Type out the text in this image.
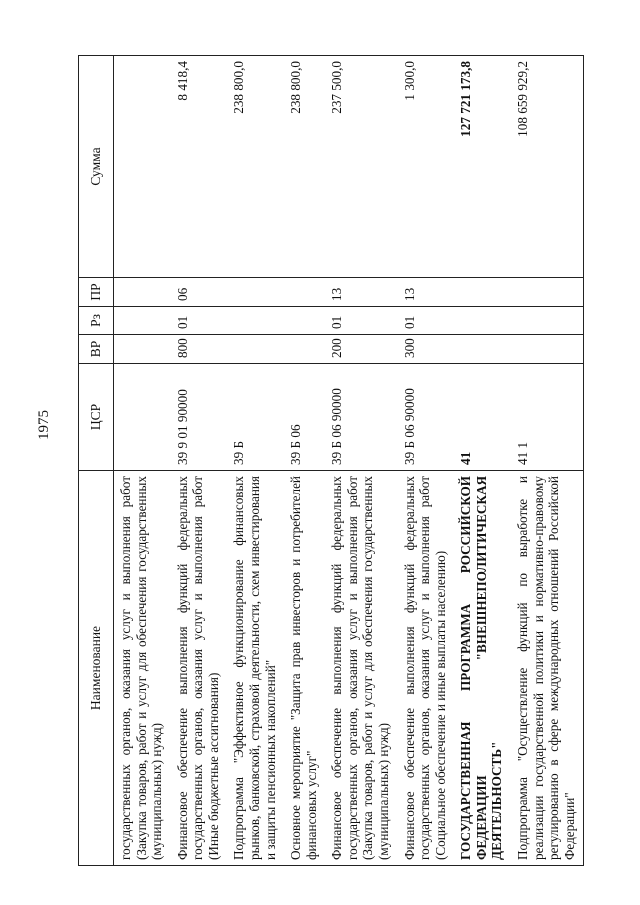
1975
Наименование	ЦСР	ВР	Рз	ПР	Сумма
государственных органов, оказания услуг и выполнения работ (Закупка товаров, работ и услуг для обеспечения государственных (муниципальных) нужд)					
Финансовое обеспечение выполнения функций федеральных государственных органов, оказания услуг и выполнения работ (Иные бюджетные ассигнования)	39 9 01 90000	800	01	06	8 418,4
Подпрограмма "Эффективное функционирование финансовых рынков, банковской, страховой деятельности, схем инвестирования и защиты пенсионных накоплений"	39 Б				238 800,0
Основное мероприятие "Защита прав инвесторов и потребителей финансовых услуг"	39 Б 06				238 800,0
Финансовое обеспечение выполнения функций федеральных государственных органов, оказания услуг и выполнения работ (Закупка товаров, работ и услуг для обеспечения государственных (муниципальных) нужд)	39 Б 06 90000	200	01	13	237 500,0
Финансовое обеспечение выполнения функций федеральных государственных органов, оказания услуг и выполнения работ (Социальное обеспечение и иные выплаты населению)	39 Б 06 90000	300	01	13	1 300,0
ГОСУДАРСТВЕННАЯ ПРОГРАММА РОССИЙСКОЙ ФЕДЕРАЦИИ "ВНЕШНЕПОЛИТИЧЕСКАЯ ДЕЯТЕЛЬНОСТЬ"	41				127 721 173,8
Подпрограмма "Осуществление функций по выработке и реализации государственной политики и нормативно-правовому регулированию в сфере международных отношений Российской Федерации"	41 1				108 659 929,2
